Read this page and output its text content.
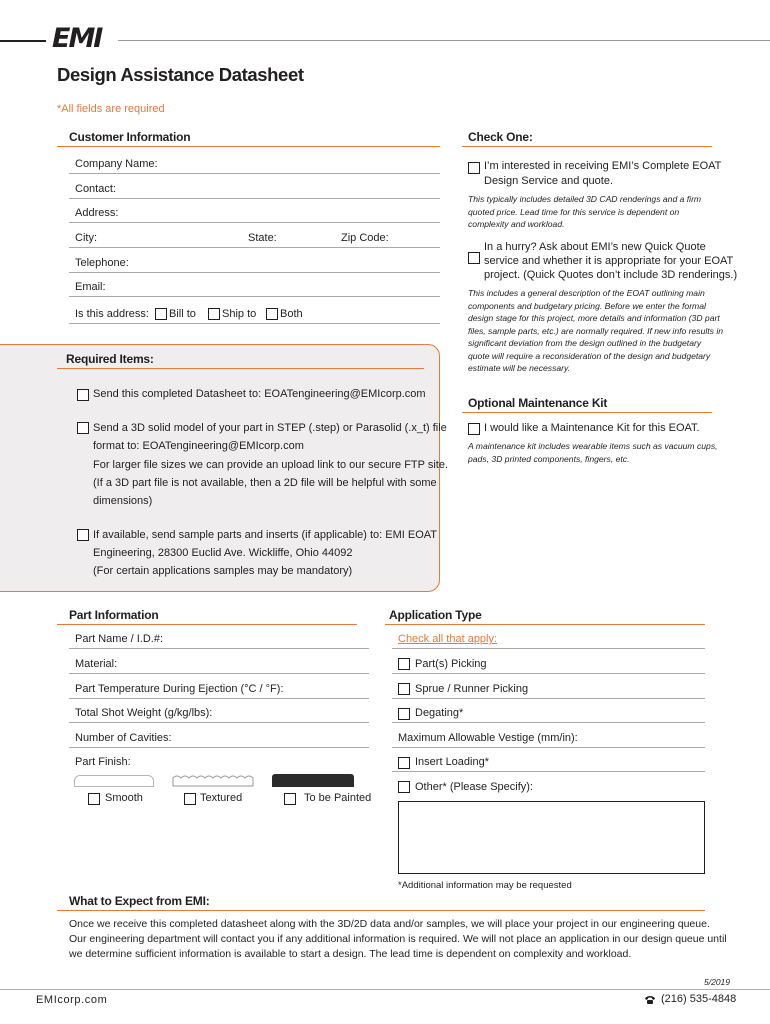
EMI
Design Assistance Datasheet
*All fields are required
Customer Information
Company Name:
Contact:
Address:
City:	State:	Zip Code:
Telephone:
Email:
Is this address: Bill to Ship to Both
Check One:
I’m interested in receiving EMI’s Complete EOAT
Design Service and quote.
This typically includes detailed 3D CAD renderings and a firm quoted price. Lead time for this service is dependent on complexity and workload.
In a hurry? Ask about EMI’s new Quick Quote
service and whether it is appropriate for your EOAT
project. (Quick Quotes don’t include 3D renderings.)
This includes a general description of the EOAT outlining main components and budgetary pricing. Before we enter the formal design stage for this project, more details and information (3D part files, sample parts, etc.) are normally required. If new info results in significant deviation from the design outlined in the budgetary quote will require a reconsideration of the design and budgetary estimate will be necessary.
Required Items:
Send this completed Datasheet to: EOATengineering@EMIcorp.com
Send a 3D solid model of your part in STEP (.step) or Parasolid (.x_t) file
format to: EOATengineering@EMIcorp.com
For larger file sizes we can provide an upload link to our secure FTP site.
(If a 3D part file is not available, then a 2D file will be helpful with some
dimensions)
If available, send sample parts and inserts (if applicable) to: EMI EOAT
Engineering, 28300 Euclid Ave. Wickliffe, Ohio 44092
(For certain applications samples may be mandatory)
Optional Maintenance Kit
I would like a Maintenance Kit for this EOAT.
A maintenance kit includes wearable items such as vacuum cups, pads, 3D printed components, fingers, etc.
Part Information
Part Name / I.D.#:
Material:
Part Temperature During Ejection (°C / °F):
Total Shot Weight (g/kg/lbs):
Number of Cavities:
Part Finish:
Smooth	Textured	To be Painted
Application Type
Check all that apply:
Part(s) Picking
Sprue / Runner Picking
Degating*
Maximum Allowable Vestige (mm/in):
Insert Loading*
Other* (Please Specify):
*Additional information may be requested
What to Expect from EMI:
Once we receive this completed datasheet along with the 3D/2D data and/or samples, we will place your project in our engineering queue.
Our engineering department will contact you if any additional information is required. We will not place an application in our design queue until
we determine sufficient information is available to start a design. The lead time is dependent on complexity and workload.
5/2019
EMIcorp.com	(216) 535-4848
